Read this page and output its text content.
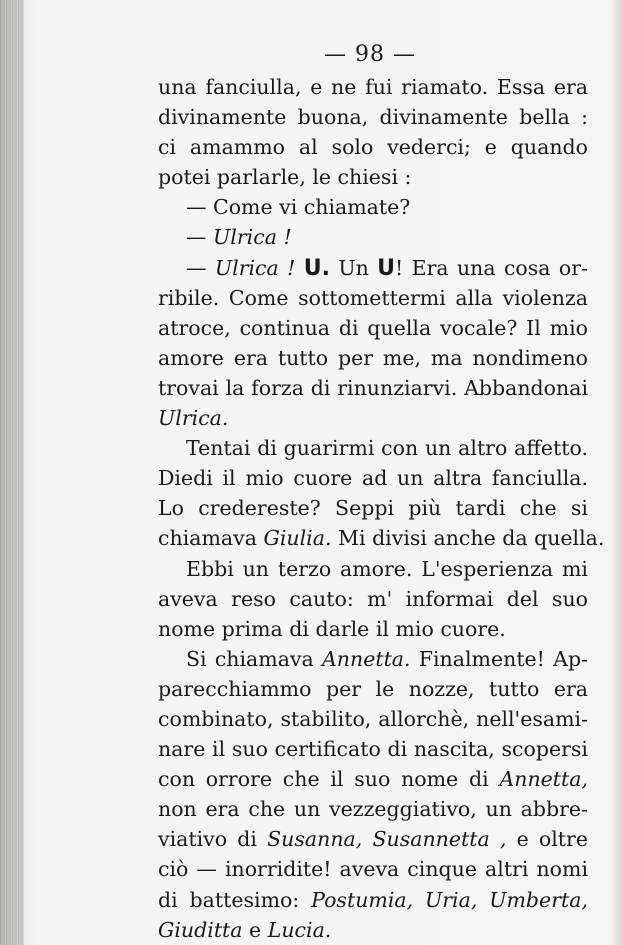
— 98 —
una fanciulla, e ne fui riamato. Essa era
divinamente buona, divinamente bella :
ci amammo al solo vederci; e quando
potei parlarle, le chiesi :
— Come vi chiamate?
— Ulrica !
— Ulrica ! U. Un U! Era una cosa or-
ribile. Come sottomettermi alla violenza
atroce, continua di quella vocale? Il mio
amore era tutto per me, ma nondimeno
trovai la forza di rinunziarvi. Abbandonai
Ulrica.
Tentai di guarirmi con un altro affetto.
Diedi il mio cuore ad un altra fanciulla.
Lo credereste? Seppi più tardi che si
chiamava Giulia. Mi divisi anche da quella.
Ebbi un terzo amore. L'esperienza mi
aveva reso cauto: m' informai del suo
nome prima di darle il mio cuore.
Si chiamava Annetta. Finalmente! Ap-
parecchiammo per le nozze, tutto era
combinato, stabilito, allorchè, nell'esami-
nare il suo certificato di nascita, scopersi
con orrore che il suo nome di Annetta,
non era che un vezzeggiativo, un abbre-
viativo di Susanna, Susannetta , e oltre
ciò — inorridite! aveva cinque altri nomi
di battesimo: Postumia, Uria, Umberta,
Giuditta e Lucia.
